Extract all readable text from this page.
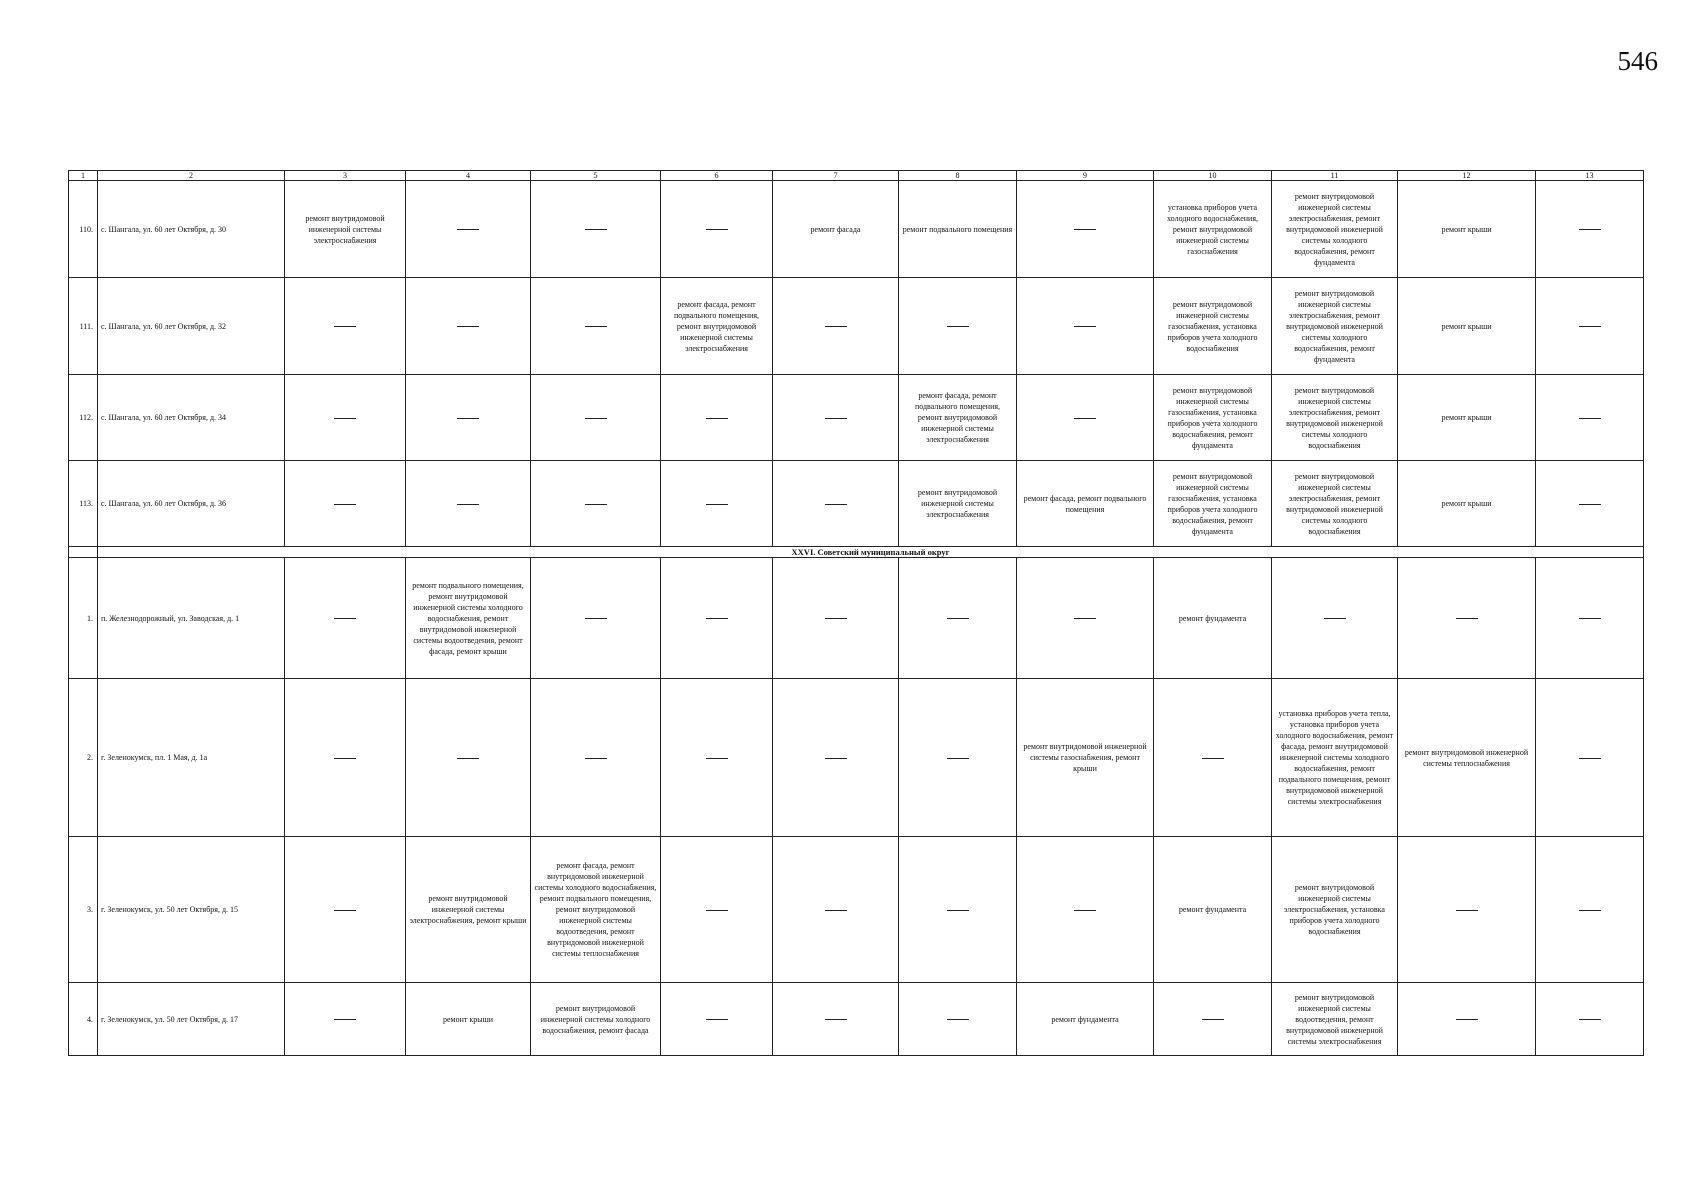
546
1	2	3	4	5	6	7	8	9	10	11	12	13
110.	с. Шангала, ул. 60 лет Октября, д. 30	ремонт внутридомовой инженерной системы электроснабжения				ремонт фасада	ремонт подвального помещения		установка приборов учета холодного водоснабжения, ремонт внутридомовой инженерной системы газоснабжения	ремонт внутридомовой инженерной системы электроснабжения, ремонт внутридомовой инженерной системы холодного водоснабжения, ремонт фундамента	ремонт крыши	
111.	с. Шангала, ул. 60 лет Октября, д. 32				ремонт фасада, ремонт подвального помещения, ремонт внутридомовой инженерной системы электроснабжения				ремонт внутридомовой инженерной системы газоснабжения, установка приборов учета холодного водоснабжения	ремонт внутридомовой инженерной системы электроснабжения, ремонт внутридомовой инженерной системы холодного водоснабжения, ремонт фундамента	ремонт крыши	
112.	с. Шангала, ул. 60 лет Октября, д. 34						ремонт фасада, ремонт подвального помещения, ремонт внутридомовой инженерной системы электроснабжения		ремонт внутридомовой инженерной системы газоснабжения, установка приборов учета холодного водоснабжения, ремонт фундамента	ремонт внутридомовой инженерной системы электроснабжения, ремонт внутридомовой инженерной системы холодного водоснабжения	ремонт крыши	
113.	с. Шангала, ул. 60 лет Октября, д. 36						ремонт внутридомовой инженерной системы электроснабжения	ремонт фасада, ремонт подвального помещения	ремонт внутридомовой инженерной системы газоснабжения, установка приборов учета холодного водоснабжения, ремонт фундамента	ремонт внутридомовой инженерной системы электроснабжения, ремонт внутридомовой инженерной системы холодного водоснабжения	ремонт крыши	
	XXVI. Советский муниципальный округ											
1.	п. Железнодорожный, ул. Заводская, д. 1		ремонт подвального помещения, ремонт внутридомовой инженерной системы холодного водоснабжения, ремонт внутридомовой инженерной системы водоотведения, ремонт фасада, ремонт крыши						ремонт фундамента			
2.	г. Зеленокумск, пл. 1 Мая, д. 1а							ремонт внутридомовой инженерной системы газоснабжения, ремонт крыши		установка приборов учета тепла, установка приборов учета холодного водоснабжения, ремонт фасада, ремонт внутридомовой инженерной системы холодного водоснабжения, ремонт подвального помещения, ремонт внутридомовой инженерной системы электроснабжения	ремонт внутридомовой инженерной системы теплоснабжения	
3.	г. Зеленокумск, ул. 50 лет Октября, д. 15		ремонт внутридомовой инженерной системы электроснабжения, ремонт крыши	ремонт фасада, ремонт внутридомовой инженерной системы холодного водоснабжения, ремонт подвального помещения, ремонт внутридомовой инженерной системы водоотведения, ремонт внутридомовой инженерной системы теплоснабжения					ремонт фундамента	ремонт внутридомовой инженерной системы электроснабжения, установка приборов учета холодного водоснабжения		
4.	г. Зеленокумск, ул. 50 лет Октября, д. 17		ремонт крыши	ремонт внутридомовой инженерной системы холодного водоснабжения, ремонт фасада				ремонт фундамента		ремонт внутридомовой инженерной системы водоотведения, ремонт внутридомовой инженерной системы электроснабжения		
